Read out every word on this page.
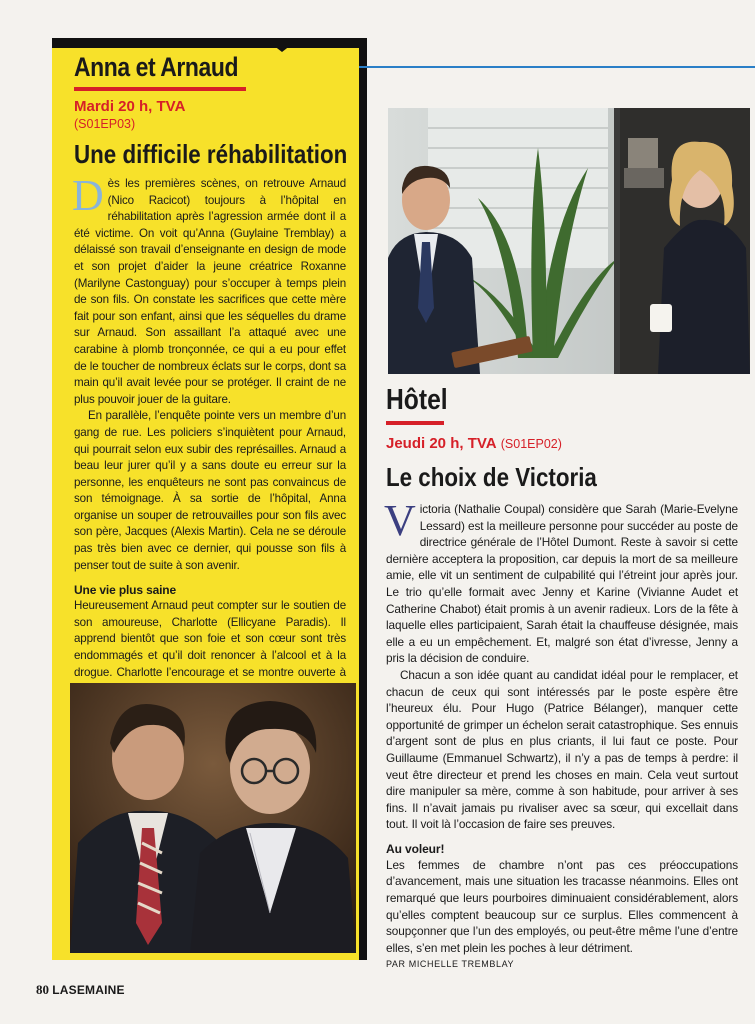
Anna et Arnaud
Mardi 20 h, TVA
(S01EP03)
Une difficile réhabilitation

Dès les premières scènes, on retrouve Arnaud (Nico Racicot) toujours à l’hôpital en réhabilitation après l’agression armée dont il a été victime. On voit qu’Anna (Guylaine Tremblay) a délaissé son travail d’enseignante en design de mode et son projet d’aider la jeune créatrice Roxanne (Marilyne Castonguay) pour s’occuper à temps plein de son fils. On constate les sacrifices que cette mère fait pour son enfant, ainsi que les séquelles du drame sur Arnaud. Son assaillant l’a attaqué avec une carabine à plomb tronçonnée, ce qui a eu pour effet de le toucher de nombreux éclats sur le corps, dont sa main qu’il avait levée pour se protéger. Il craint de ne plus pouvoir jouer de la guitare.

En parallèle, l’enquête pointe vers un membre d’un gang de rue. Les policiers s’inquiètent pour Arnaud, qui pourrait selon eux subir des représailles. Arnaud a beau leur jurer qu’il y a sans doute eu erreur sur la personne, les enquêteurs ne sont pas convaincus de son témoignage. À sa sortie de l’hôpital, Anna organise un souper de retrouvailles pour son fils avec son père, Jacques (Alexis Martin). Cela ne se déroule pas très bien avec ce dernier, qui pousse son fils à penser tout de suite à son avenir.

Une vie plus saine

Heureusement Arnaud peut compter sur le soutien de son amoureuse, Charlotte (Ellicyane Paradis). Il apprend bientôt que son foie et son cœur sont très endommagés et qu’il doit renoncer à l’alcool et à la drogue. Charlotte l’encourage et se montre ouverte à

Hôtel
Jeudi 20 h, TVA (S01EP02)
Le choix de Victoria

Victoria (Nathalie Coupal) considère que Sarah (Marie-Evelyne Lessard) est la meilleure personne pour succéder au poste de directrice générale de l’Hôtel Dumont. Reste à savoir si cette dernière acceptera la proposition, car depuis la mort de sa meilleure amie, elle vit un sentiment de culpabilité qui l’étreint jour après jour. Le trio qu’elle formait avec Jenny et Karine (Vivianne Audet et Catherine Chabot) était promis à un avenir radieux. Lors de la fête à laquelle elles participaient, Sarah était la chauffeuse désignée, mais elle a eu un empêchement. Et, malgré son état d’ivresse, Jenny a pris la décision de conduire.

Chacun a son idée quant au candidat idéal pour le remplacer, et chacun de ceux qui sont intéressés par le poste espère être l’heureux élu. Pour Hugo (Patrice Bélanger), manquer cette opportunité de grimper un échelon serait catastrophique. Ses ennuis d’argent sont de plus en plus criants, il lui faut ce poste. Pour Guillaume (Emmanuel Schwartz), il n’y a pas de temps à perdre: il veut être directeur et prend les choses en main. Cela veut surtout dire manipuler sa mère, comme à son habitude, pour arriver à ses fins. Il n’avait jamais pu rivaliser avec sa sœur, qui excellait dans tout. Il voit là l’occasion de faire ses preuves.

Au voleur!

Les femmes de chambre n’ont pas ces préoccupations d’avancement, mais une situation les tracasse néanmoins. Elles ont remarqué que leurs pourboires diminuaient considérablement, alors qu’elles comptent beaucoup sur ce surplus. Elles commencent à soupçonner que l’un des employés, ou peut-être même l’une d’entre elles, s’en met plein les poches à leur détriment.

PAR MICHELLE TREMBLAY
80 LASEMAINE
